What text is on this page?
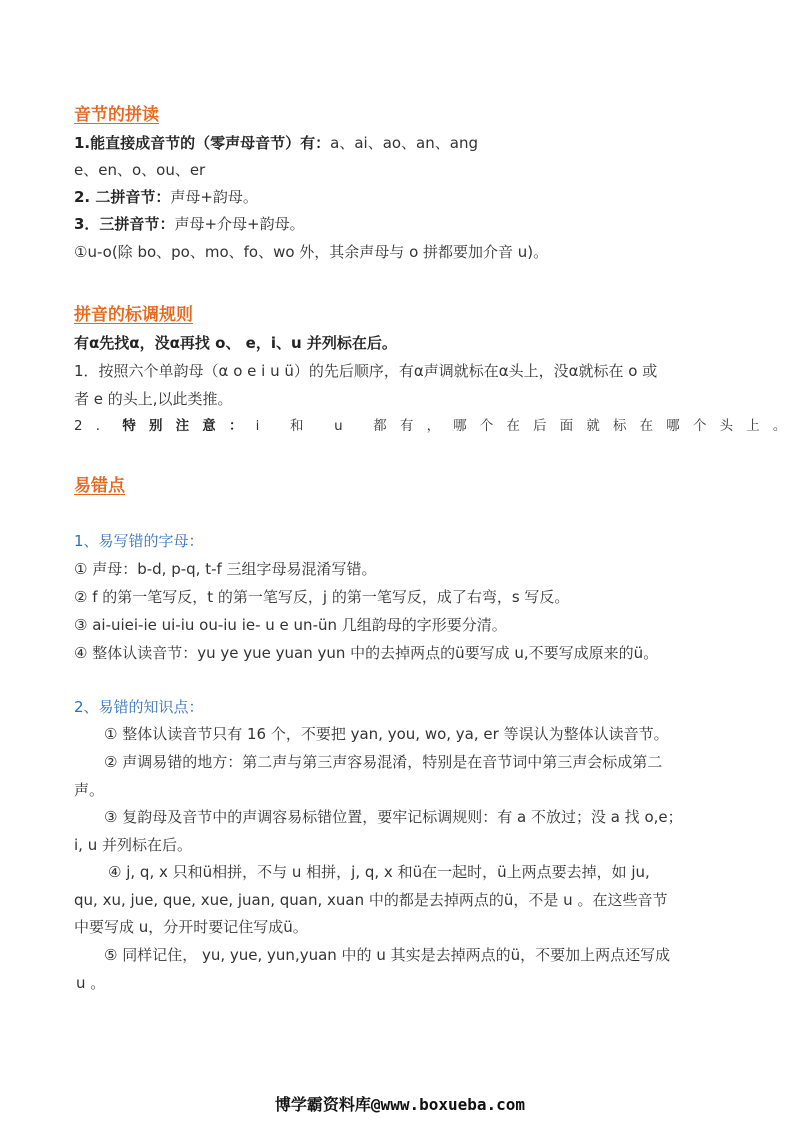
音节的拼读
1.能直接成音节的（零声母音节）有：a、ai、ao、an、ang
e、en、o、ou、er
2. 二拼音节：声母+韵母。
3．三拼音节：声母+介母+韵母。
①u-o(除 bo、po、mo、fo、wo 外，其余声母与 o 拼都要加介音 u)。
拼音的标调规则
有α先找α，没α再找 o、 e，i、u 并列标在后。
1．按照六个单韵母（α o e i u ü）的先后顺序，有α声调就标在α头上，没α就标在 o 或
者 e 的头上,以此类推。
2．特别注意：i 和 u 都有，哪个在后面就标在哪个头上。
易错点
1、易写错的字母：
① 声母：b-d, p-q, t-f 三组字母易混淆写错。
② f 的第一笔写反，t 的第一笔写反，j 的第一笔写反，成了右弯，s 写反。
③ ai-uiei-ie ui-iu ou-iu ie- u e un-ün 几组韵母的字形要分清。
④ 整体认读音节：yu ye yue yuan yun 中的去掉两点的ü要写成 u,不要写成原来的ü。
2、易错的知识点：
① 整体认读音节只有 16 个，不要把 yan, you, wo, ya, er 等误认为整体认读音节。
② 声调易错的地方：第二声与第三声容易混淆，特别是在音节词中第三声会标成第二
声。
③ 复韵母及音节中的声调容易标错位置，要牢记标调规则：有 a 不放过；没 a 找 o,e；
i, u 并列标在后。
④ j, q, x 只和ü相拼，不与 u 相拼，j, q, x 和ü在一起时，ü上两点要去掉，如 ju,
qu, xu, jue, que, xue, juan, quan, xuan 中的都是去掉两点的ü，不是 u 。在这些音节
中要写成 u，分开时要记住写成ü。
⑤ 同样记住， yu, yue, yun,yuan 中的 u 其实是去掉两点的ü，不要加上两点还写成
u 。
博学霸资料库@www.boxueba.com
